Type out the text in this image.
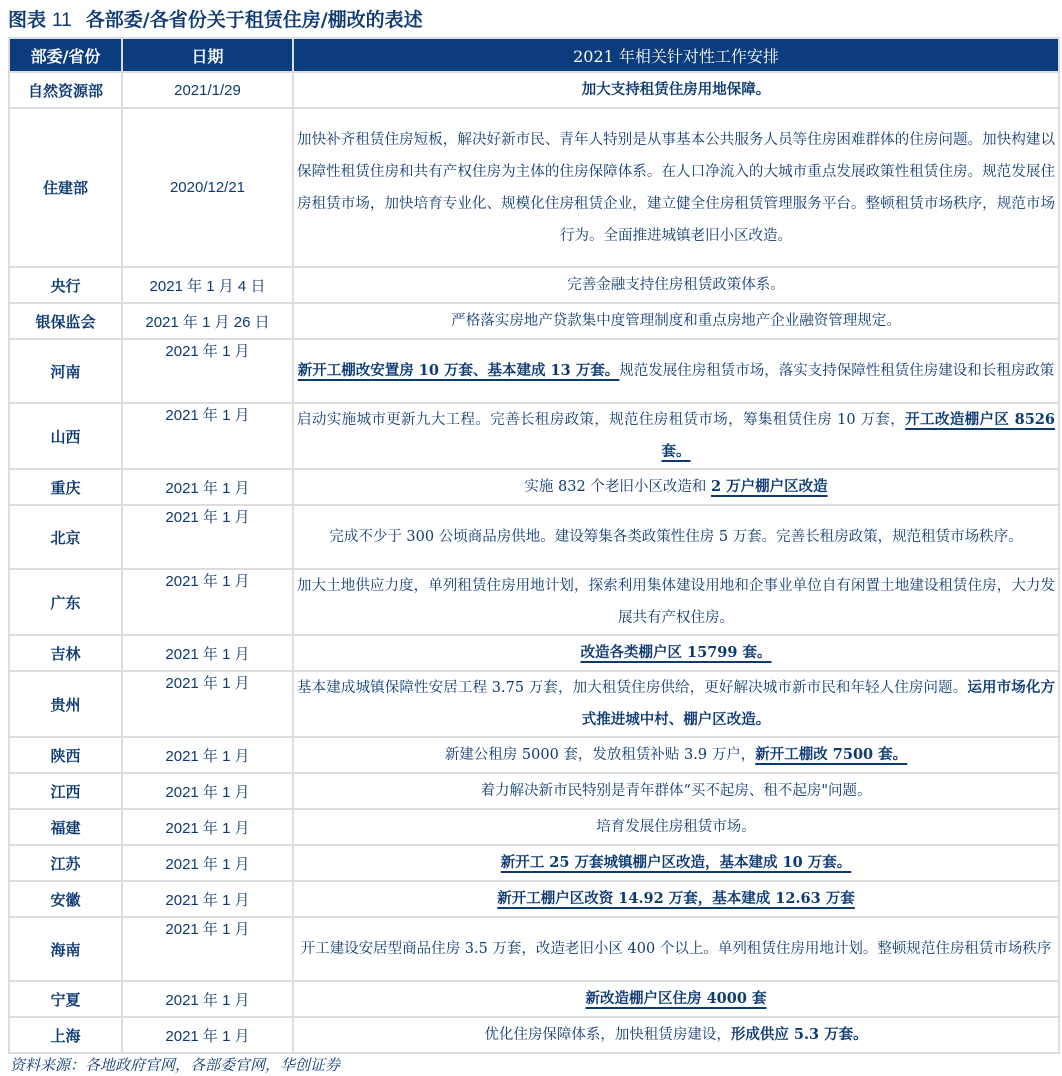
图表 11 各部委/各省份关于租赁住房/棚改的表述
部委/省份	日期	2021 年相关针对性工作安排
自然资源部	2021/1/29	加大支持租赁住房用地保障。
住建部	2020/12/21	加快补齐租赁住房短板，解决好新市民、青年人特别是从事基本公共服务人员等住房困难群体的住房问题。加快构建以保障性租赁住房和共有产权住房为主体的住房保障体系。在人口净流入的大城市重点发展政策性租赁住房。规范发展住房租赁市场，加快培育专业化、规模化住房租赁企业，建立健全住房租赁管理服务平台。整顿租赁市场秩序，规范市场行为。全面推进城镇老旧小区改造。
央行	2021 年 1 月 4 日	完善金融支持住房租赁政策体系。
银保监会	2021 年 1 月 26 日	严格落实房地产贷款集中度管理制度和重点房地产企业融资管理规定。
河南	2021 年 1 月	新开工棚改安置房 10 万套、基本建成 13 万套。规范发展住房租赁市场，落实支持保障性租赁住房建设和长租房政策
山西	2021 年 1 月	启动实施城市更新九大工程。完善长租房政策，规范住房租赁市场，筹集租赁住房 10 万套，开工改造棚户区 8526 套。
重庆	2021 年 1 月	实施 832 个老旧小区改造和 2 万户棚户区改造
北京	2021 年 1 月	完成不少于 300 公顷商品房供地。建设筹集各类政策性住房 5 万套。完善长租房政策，规范租赁市场秩序。
广东	2021 年 1 月	加大土地供应力度，单列租赁住房用地计划，探索利用集体建设用地和企事业单位自有闲置土地建设租赁住房，大力发展共有产权住房。
吉林	2021 年 1 月	改造各类棚户区 15799 套。
贵州	2021 年 1 月	基本建成城镇保障性安居工程 3.75 万套，加大租赁住房供给，更好解决城市新市民和年轻人住房问题。运用市场化方式推进城中村、棚户区改造。
陕西	2021 年 1 月	新建公租房 5000 套，发放租赁补贴 3.9 万户，新开工棚改 7500 套。
江西	2021 年 1 月	着力解决新市民特别是青年群体“买不起房、租不起房"问题。
福建	2021 年 1 月	培育发展住房租赁市场。
江苏	2021 年 1 月	新开工 25 万套城镇棚户区改造，基本建成 10 万套。
安徽	2021 年 1 月	新开工棚户区改资 14.92 万套，基本建成 12.63 万套
海南	2021 年 1 月	开工建设安居型商品住房 3.5 万套，改造老旧小区 400 个以上。单列租赁住房用地计划。整顿规范住房租赁市场秩序
宁夏	2021 年 1 月	新改造棚户区住房 4000 套
上海	2021 年 1 月	优化住房保障体系，加快租赁房建设，形成供应 5.3 万套。
资料来源：各地政府官网，各部委官网，华创证券
